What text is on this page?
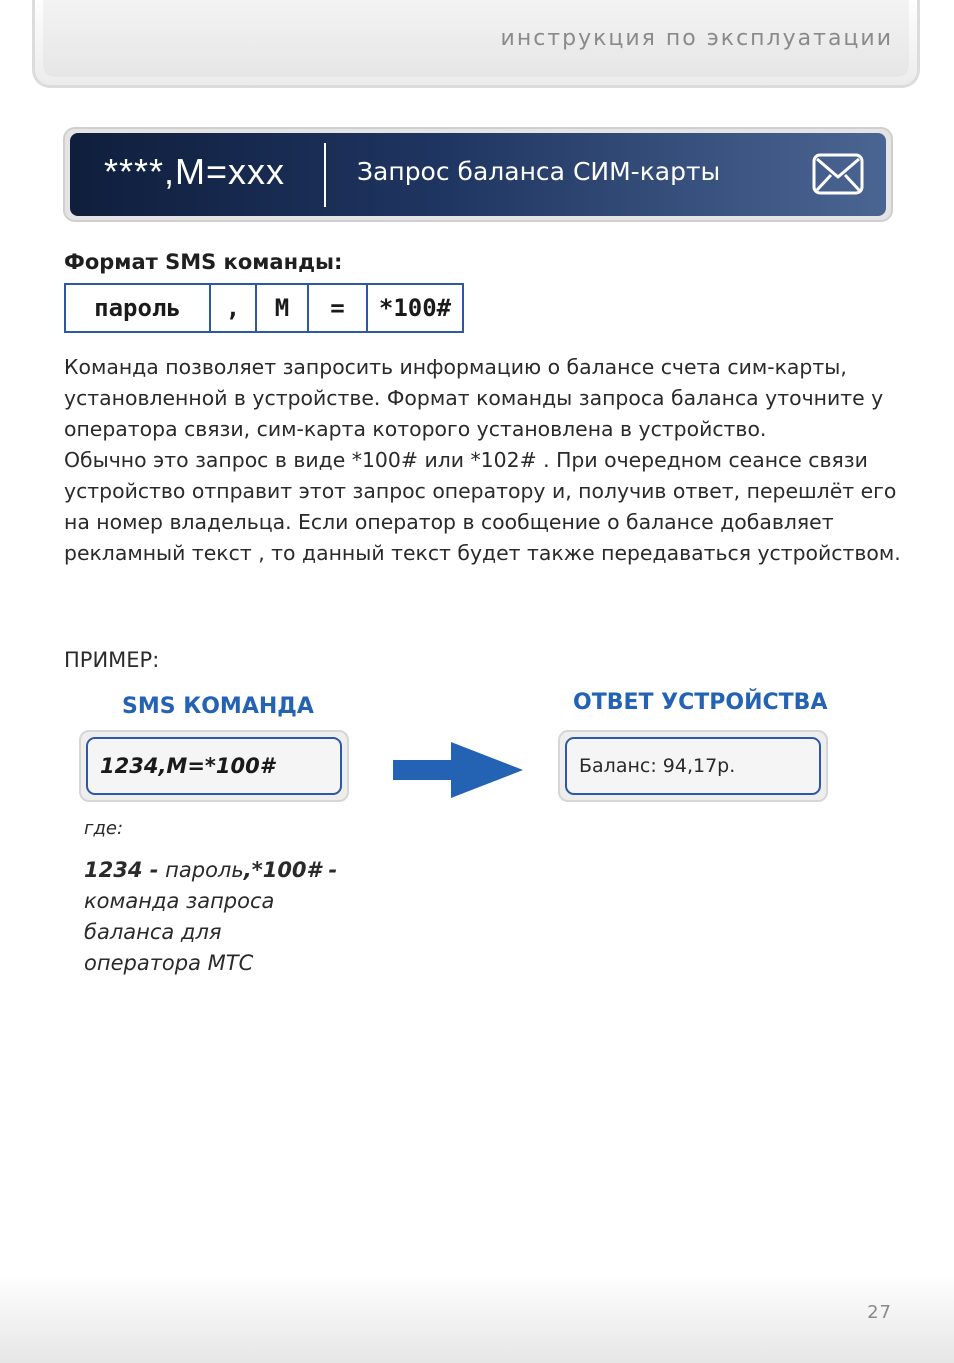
инструкция по эксплуатации
****,M=xxx	Запрос баланса СИМ-карты
Формат SMS команды:
пароль	,	M	=	*100#
Команда позволяет запросить информацию о балансе счета сим-карты, установленной в устройстве. Формат команды запроса баланса уточните у оператора связи, сим-карта которого установлена в устройство.
Обычно это запрос в виде *100# или *102# . При очередном сеансе связи устройство отправит этот запрос оператору и, получив ответ, перешлёт его на номер владельца. Если оператор в сообщение о балансе добавляет рекламный текст , то данный текст будет также передаваться устройством.
ПРИМЕР:
SMS КОМАНДА
1234,M=*100#
ОТВЕТ УСТРОЙСТВА
Баланс: 94,17р.
где:
1234 - пароль,*100# - команда запроса баланса для оператора МТС
27
